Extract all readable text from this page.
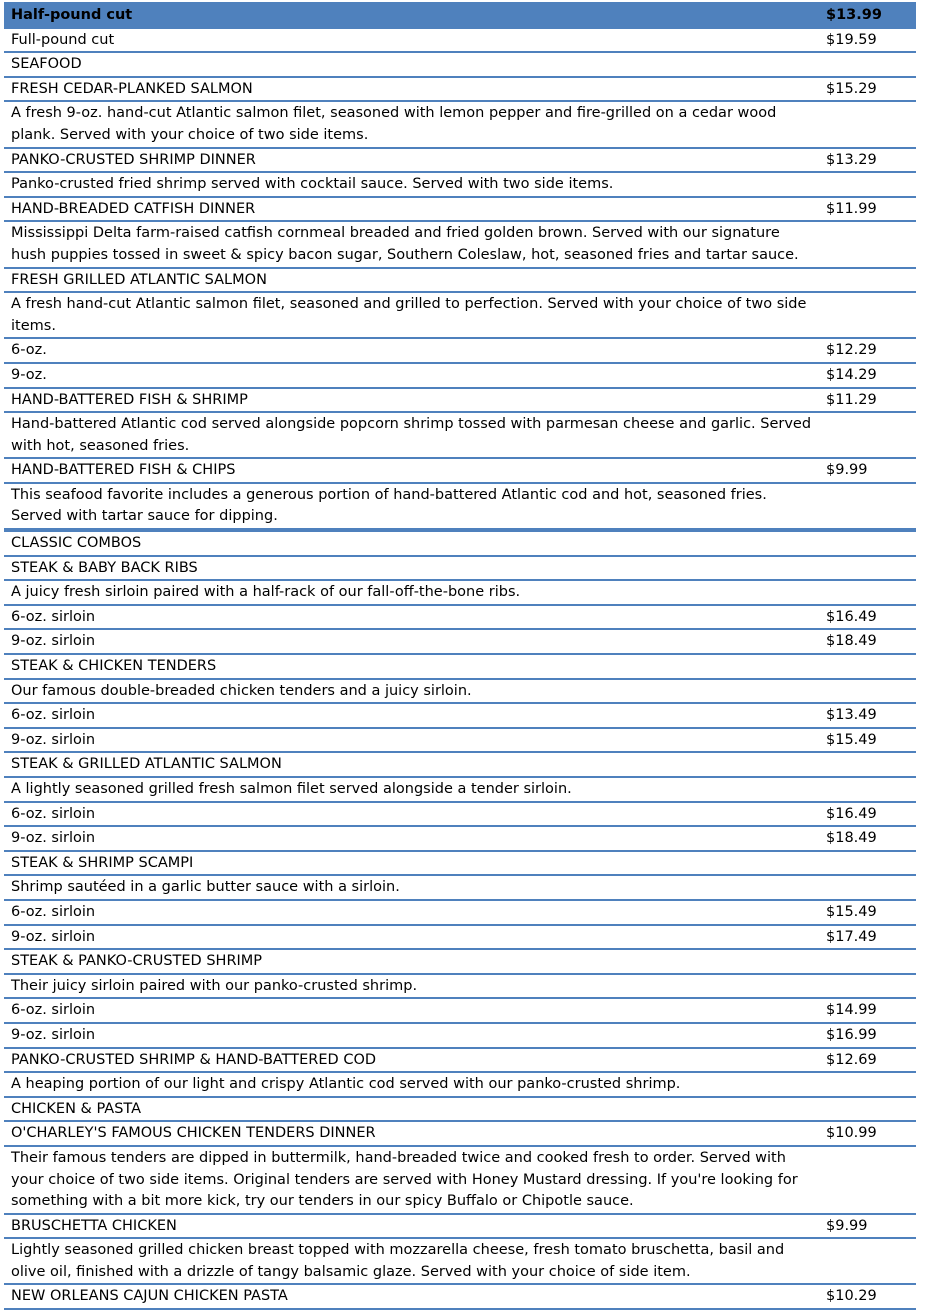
Half-pound cut	$13.99
Full-pound cut	$19.59
SEAFOOD
FRESH CEDAR-PLANKED SALMON	$15.29
A fresh 9-oz. hand-cut Atlantic salmon filet, seasoned with lemon pepper and fire-grilled on a cedar wood plank. Served with your choice of two side items.
PANKO-CRUSTED SHRIMP DINNER	$13.29
Panko-crusted fried shrimp served with cocktail sauce. Served with two side items.
HAND-BREADED CATFISH DINNER	$11.99
Mississippi Delta farm-raised catfish cornmeal breaded and fried golden brown. Served with our signature hush puppies tossed in sweet & spicy bacon sugar, Southern Coleslaw, hot, seasoned fries and tartar sauce.
FRESH GRILLED ATLANTIC SALMON
A fresh hand-cut Atlantic salmon filet, seasoned and grilled to perfection. Served with your choice of two side items.
6-oz.	$12.29
9-oz.	$14.29
HAND-BATTERED FISH & SHRIMP	$11.29
Hand-battered Atlantic cod served alongside popcorn shrimp tossed with parmesan cheese and garlic. Served with hot, seasoned fries.
HAND-BATTERED FISH & CHIPS	$9.99
This seafood favorite includes a generous portion of hand-battered Atlantic cod and hot, seasoned fries. Served with tartar sauce for dipping.
CLASSIC COMBOS
STEAK & BABY BACK RIBS
A juicy fresh sirloin paired with a half-rack of our fall-off-the-bone ribs.
6-oz. sirloin	$16.49
9-oz. sirloin	$18.49
STEAK & CHICKEN TENDERS
Our famous double-breaded chicken tenders and a juicy sirloin.
6-oz. sirloin	$13.49
9-oz. sirloin	$15.49
STEAK & GRILLED ATLANTIC SALMON
A lightly seasoned grilled fresh salmon filet served alongside a tender sirloin.
6-oz. sirloin	$16.49
9-oz. sirloin	$18.49
STEAK & SHRIMP SCAMPI
Shrimp sautéed in a garlic butter sauce with a sirloin.
6-oz. sirloin	$15.49
9-oz. sirloin	$17.49
STEAK & PANKO-CRUSTED SHRIMP
Their juicy sirloin paired with our panko-crusted shrimp.
6-oz. sirloin	$14.99
9-oz. sirloin	$16.99
PANKO-CRUSTED SHRIMP & HAND-BATTERED COD	$12.69
A heaping portion of our light and crispy Atlantic cod served with our panko-crusted shrimp.
CHICKEN & PASTA
O'CHARLEY'S FAMOUS CHICKEN TENDERS DINNER	$10.99
Their famous tenders are dipped in buttermilk, hand-breaded twice and cooked fresh to order. Served with your choice of two side items. Original tenders are served with Honey Mustard dressing. If you're looking for something with a bit more kick, try our tenders in our spicy Buffalo or Chipotle sauce.
BRUSCHETTA CHICKEN	$9.99
Lightly seasoned grilled chicken breast topped with mozzarella cheese, fresh tomato bruschetta, basil and olive oil, finished with a drizzle of tangy balsamic glaze. Served with your choice of side item.
NEW ORLEANS CAJUN CHICKEN PASTA	$10.29
